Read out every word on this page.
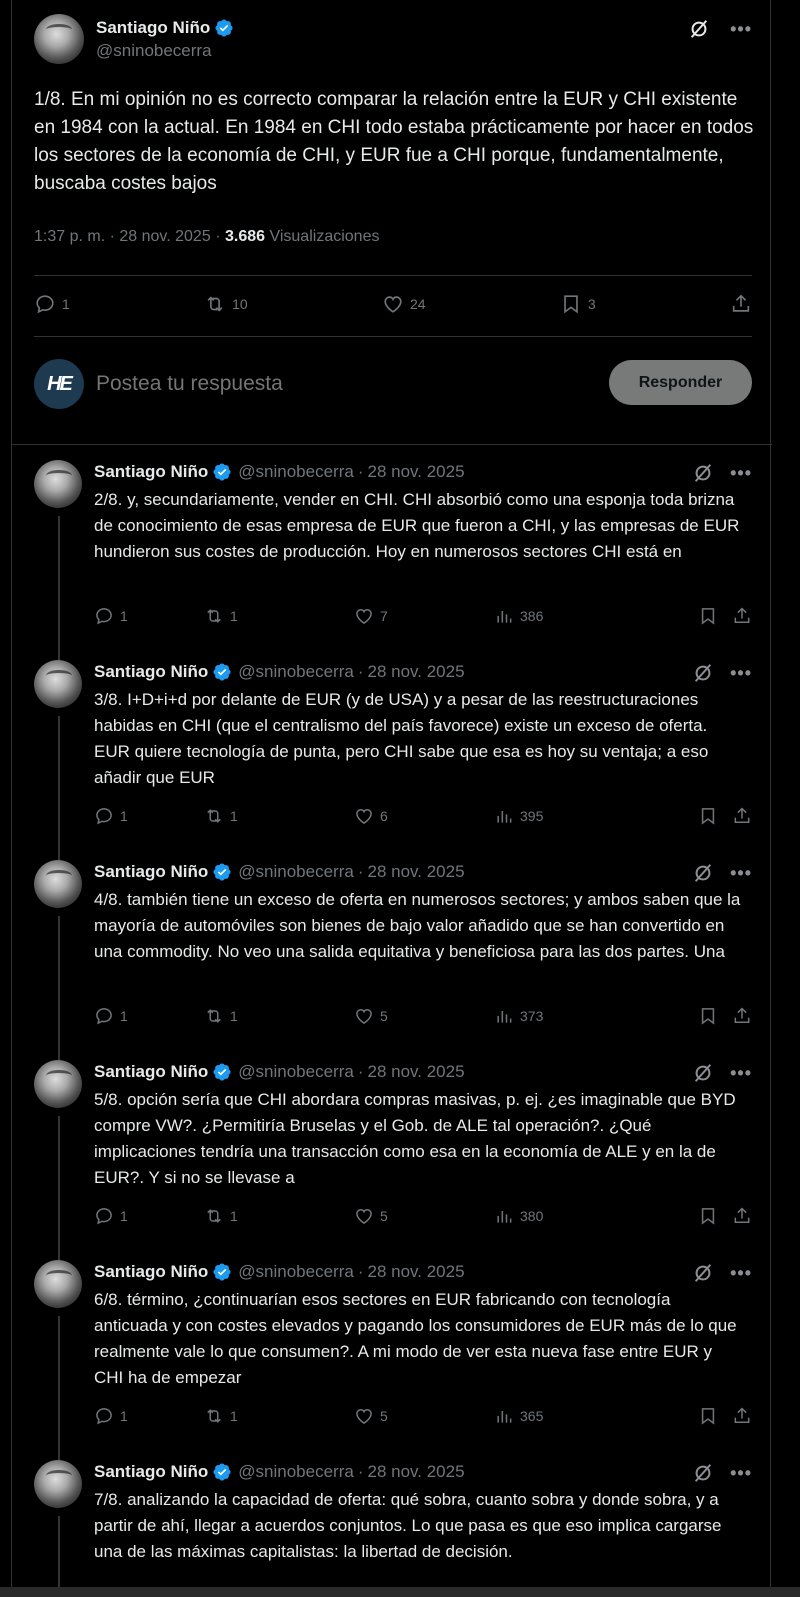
Santiago Niño
@sninobecerra
•••
1/8. En mi opinión no es correcto comparar la relación entre la EUR y CHI existente en 1984 con la actual. En 1984 en CHI todo estaba prácticamente por hacer en todos los sectores de la economía de CHI, y EUR fue a CHI porque, fundamentalmente, buscaba costes bajos
1:37 p. m. · 28 nov. 2025 · 3.686 Visualizaciones
1	10	24	3
HE
Postea tu respuesta	Responder
Santiago Niño @sninobecerra · 28 nov. 2025	•••
2/8. y, secundariamente, vender en CHI. CHI absorbió como una esponja toda brizna de conocimiento de esas empresa de EUR que fueron a CHI, y las empresas de EUR hundieron sus costes de producción. Hoy en numerosos sectores CHI está en
1	1	7	386
Santiago Niño @sninobecerra · 28 nov. 2025	•••
3/8. I+D+i+d por delante de EUR (y de USA) y a pesar de las reestructuraciones habidas en CHI (que el centralismo del país favorece) existe un exceso de oferta. EUR quiere tecnología de punta, pero CHI sabe que esa es hoy su ventaja; a eso añadir que EUR
1	1	6	395
Santiago Niño @sninobecerra · 28 nov. 2025	•••
4/8. también tiene un exceso de oferta en numerosos sectores; y ambos saben que la mayoría de automóviles son bienes de bajo valor añadido que se han convertido en una commodity. No veo una salida equitativa y beneficiosa para las dos partes. Una
1	1	5	373
Santiago Niño @sninobecerra · 28 nov. 2025	•••
5/8. opción sería que CHI abordara compras masivas, p. ej. ¿es imaginable que BYD compre VW?. ¿Permitiría Bruselas y el Gob. de ALE tal operación?. ¿Qué implicaciones tendría una transacción como esa en la economía de ALE y en la de EUR?. Y si no se llevase a
1	1	5	380
Santiago Niño @sninobecerra · 28 nov. 2025	•••
6/8. término, ¿continuarían esos sectores en EUR fabricando con tecnología anticuada y con costes elevados y pagando los consumidores de EUR más de lo que realmente vale lo que consumen?. A mi modo de ver esta nueva fase entre EUR y CHI ha de empezar
1	1	5	365
Santiago Niño @sninobecerra · 28 nov. 2025	•••
7/8. analizando la capacidad de oferta: qué sobra, cuanto sobra y donde sobra, y a partir de ahí, llegar a acuerdos conjuntos. Lo que pasa es que eso implica cargarse una de las máximas capitalistas: la libertad de decisión.
